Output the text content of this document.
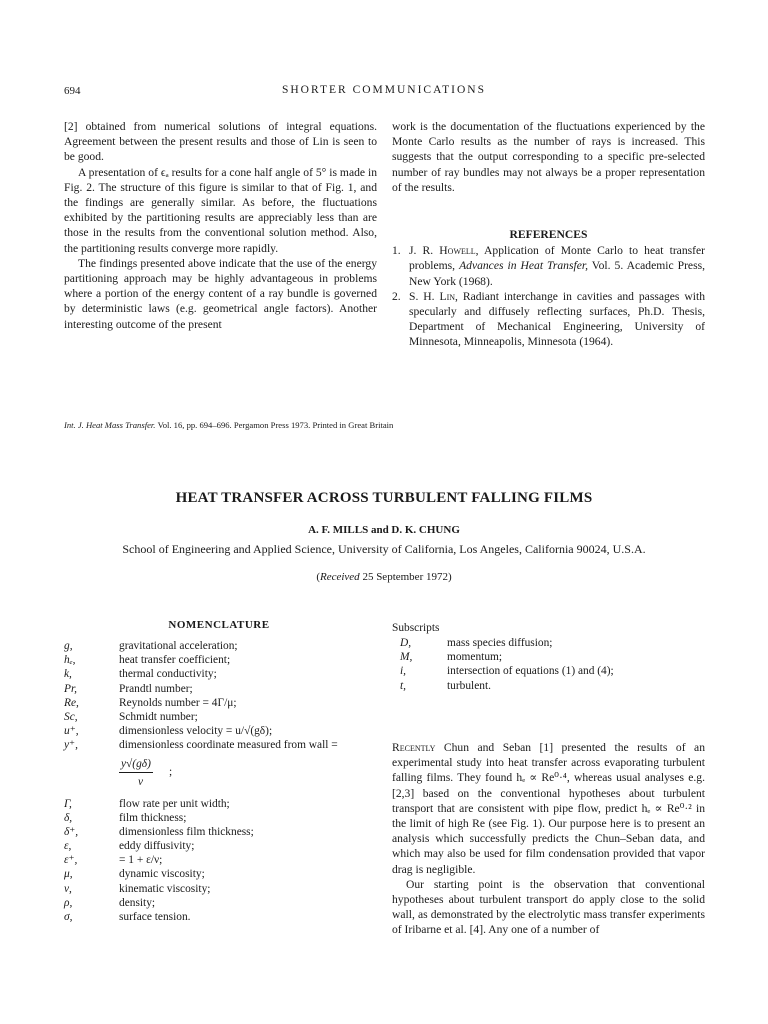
694	SHORTER COMMUNICATIONS

[2] obtained from numerical solutions of integral equations. Agreement between the present results and those of Lin is seen to be good.

A presentation of ϵₐ results for a cone half angle of 5° is made in Fig. 2. The structure of this figure is similar to that of Fig. 1, and the findings are generally similar. As before, the fluctuations exhibited by the partitioning results are appreciably less than are those in the results from the conventional solution method. Also, the partitioning results converge more rapidly.

The findings presented above indicate that the use of the energy partitioning approach may be highly advantageous in problems where a portion of the energy content of a ray bundle is governed by deterministic laws (e.g. geometrical angle factors). Another interesting outcome of the present

work is the documentation of the fluctuations experienced by the Monte Carlo results as the number of rays is increased. This suggests that the output corresponding to a specific pre-selected number of ray bundles may not always be a proper representation of the results.

REFERENCES
1. J. R. Howell, Application of Monte Carlo to heat transfer problems, Advances in Heat Transfer, Vol. 5. Academic Press, New York (1968).
2. S. H. Lin, Radiant interchange in cavities and passages with specularly and diffusely reflecting surfaces, Ph.D. Thesis, Department of Mechanical Engineering, University of Minnesota, Minneapolis, Minnesota (1964).
Int. J. Heat Mass Transfer. Vol. 16, pp. 694–696. Pergamon Press 1973. Printed in Great Britain
HEAT TRANSFER ACROSS TURBULENT FALLING FILMS
A. F. MILLS and D. K. CHUNG
School of Engineering and Applied Science, University of California, Los Angeles, California 90024, U.S.A.
(Received 25 September 1972)
NOMENCLATURE
g,	gravitational acceleration;
hₑ,	heat transfer coefficient;
k,	thermal conductivity;
Pr,	Prandtl number;
Re,	Reynolds number = 4Γ/μ;
Sc,	Schmidt number;
u⁺,	dimensionless velocity = u/√(gδ);
y⁺,	dimensionless coordinate measured from wall =
y√(gδ)
;
ν
Γ,	flow rate per unit width;
δ,	film thickness;
δ⁺,	dimensionless film thickness;
ε,	eddy diffusivity;
ε⁺,	= 1 + ε/ν;
μ,	dynamic viscosity;
ν,	kinematic viscosity;
ρ,	density;
σ,	surface tension.
Subscripts
D,	mass species diffusion;
M,	momentum;
i,	intersection of equations (1) and (4);
t,	turbulent.

Recently Chun and Seban [1] presented the results of an experimental study into heat transfer across evaporating turbulent falling films. They found hₑ ∝ Re⁰·⁴, whereas usual analyses e.g. [2,3] based on the conventional hypotheses about turbulent transport that are consistent with pipe flow, predict hₑ ∝ Re⁰·² in the limit of high Re (see Fig. 1). Our purpose here is to present an analysis which successfully predicts the Chun–Seban data, and which may also be used for film condensation provided that vapor drag is negligible.

Our starting point is the observation that conventional hypotheses about turbulent transport do apply close to the solid wall, as demonstrated by the electrolytic mass transfer experiments of Iribarne et al. [4]. Any one of a number of
